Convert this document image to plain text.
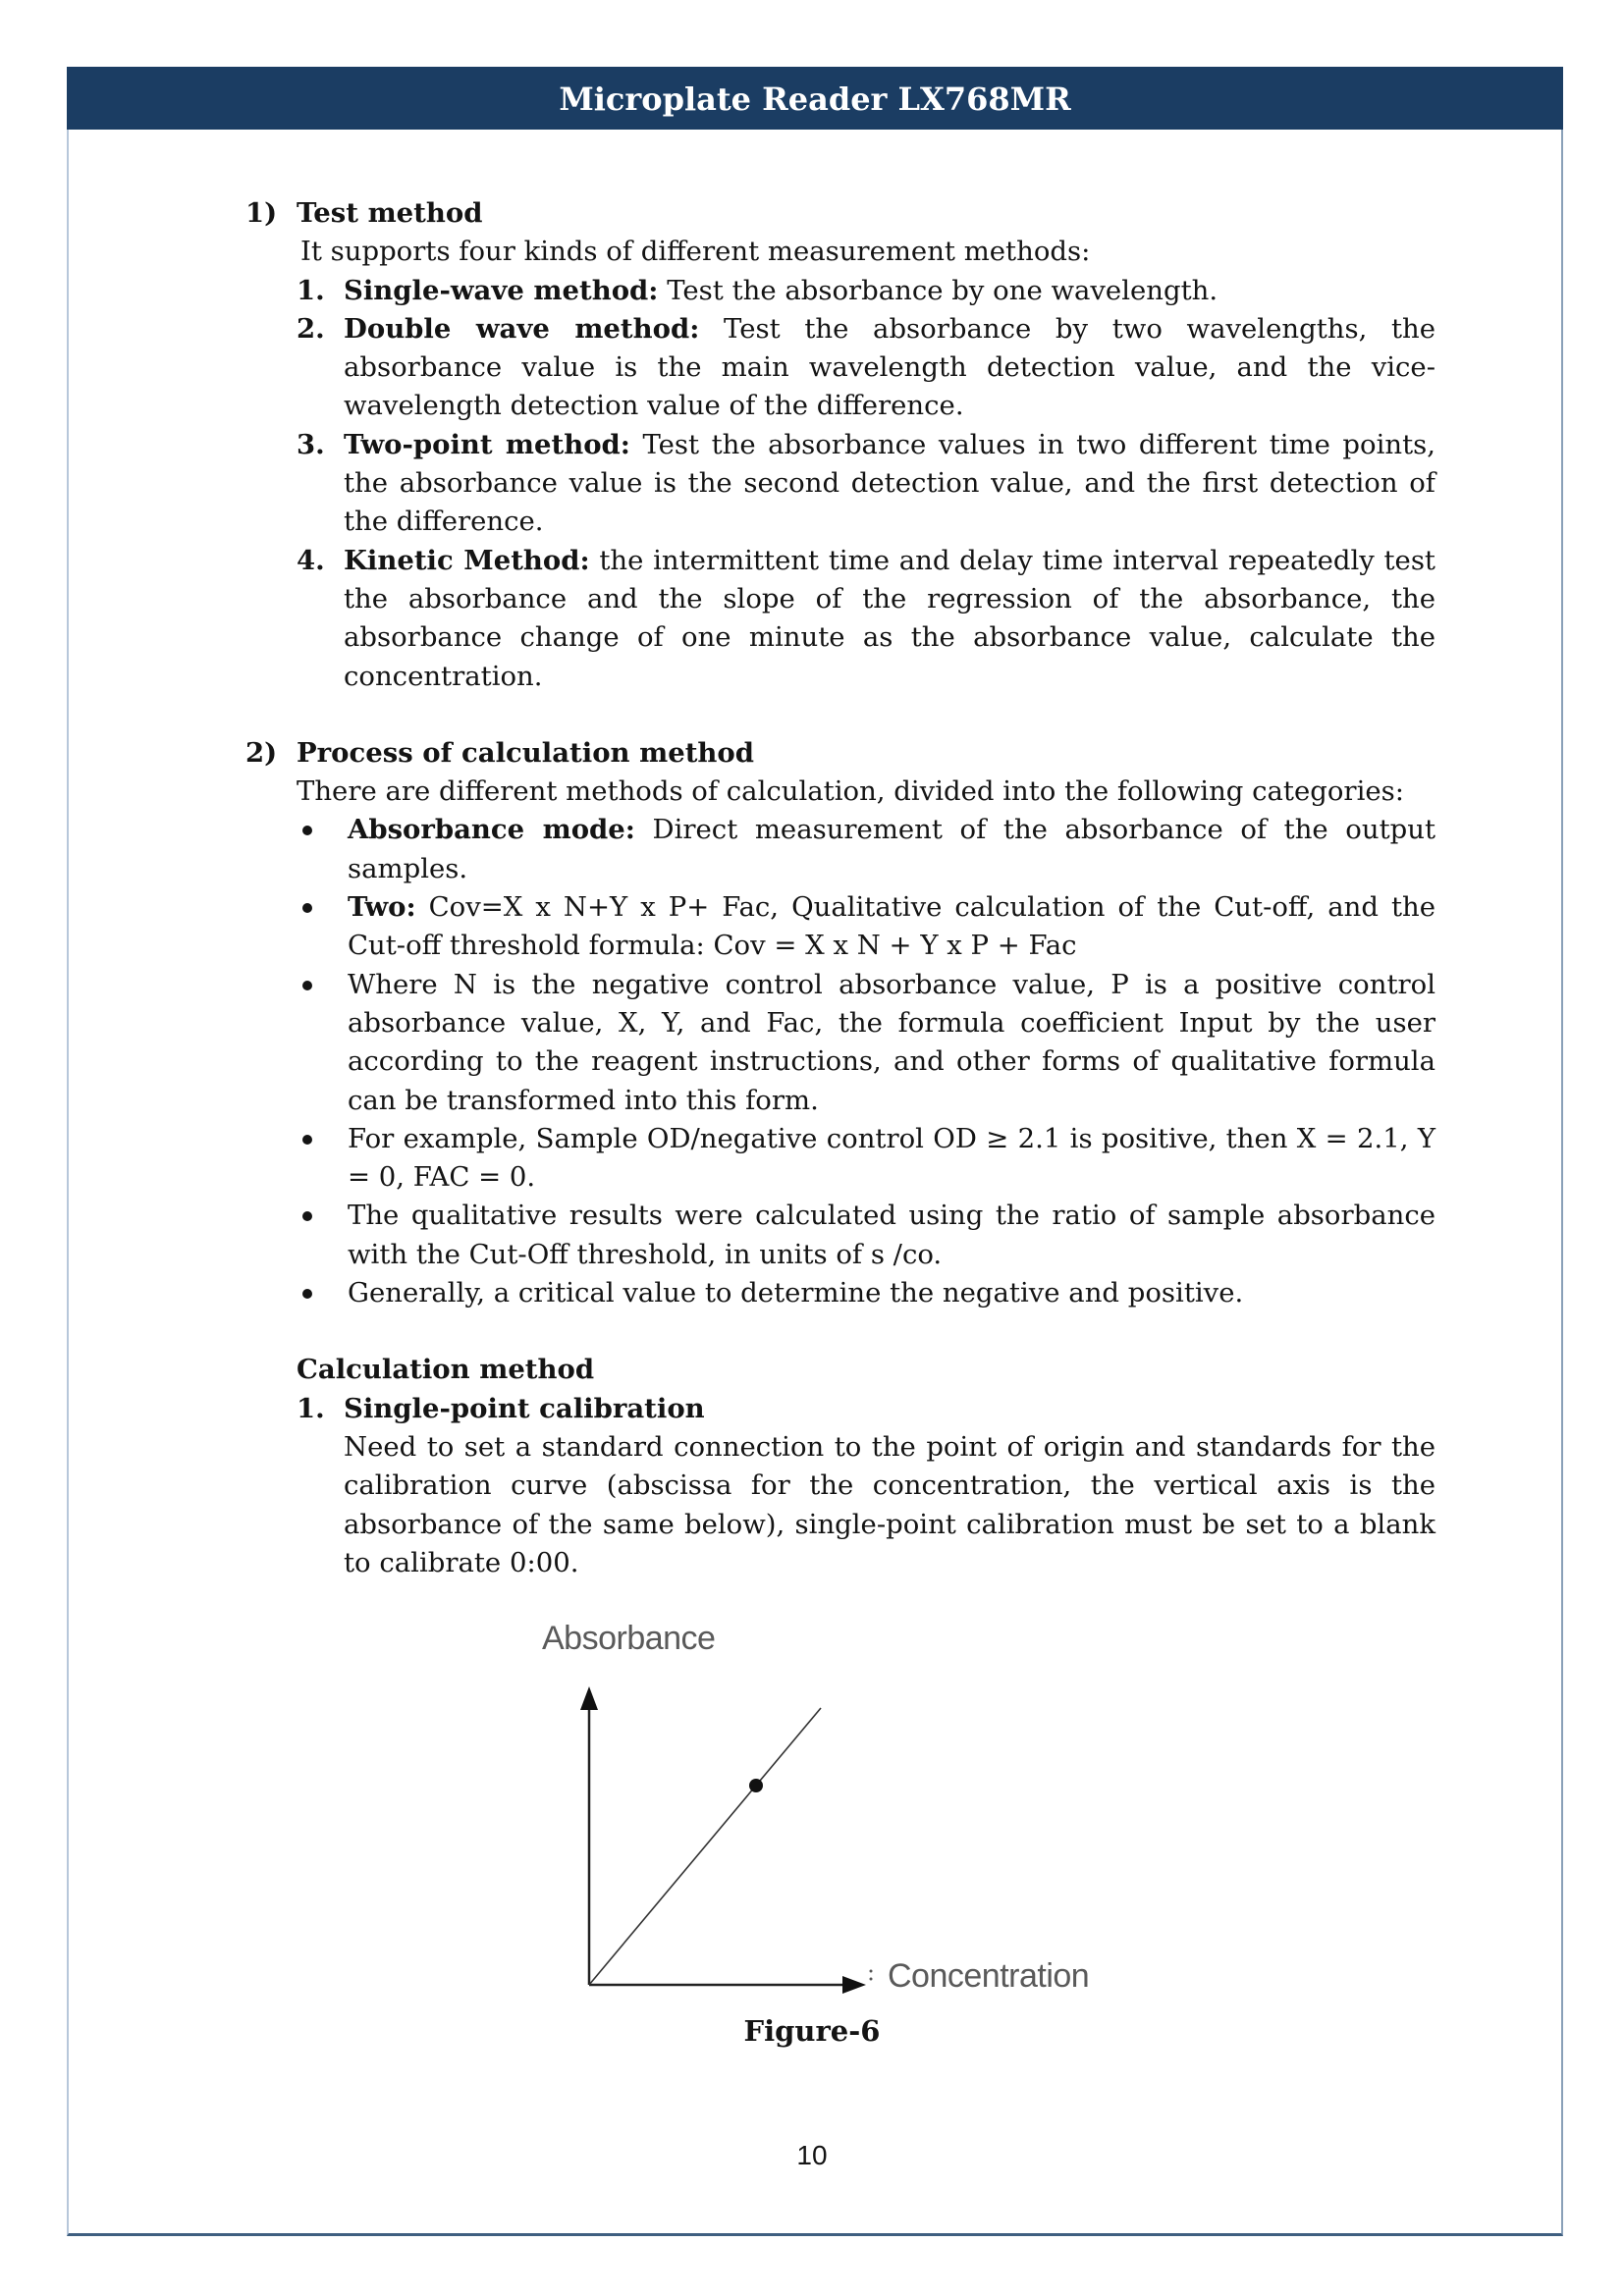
Microplate Reader LX768MR
1) Test method
It supports four kinds of different measurement methods:
1. Single-wave method: Test the absorbance by one wavelength.
2. Double wave method: Test the absorbance by two wavelengths, the absorbance value is the main wavelength detection value, and the vice-wavelength detection value of the difference.
3. Two-point method: Test the absorbance values in two different time points, the absorbance value is the second detection value, and the first detection of the difference.
4. Kinetic Method: the intermittent time and delay time interval repeatedly test the absorbance and the slope of the regression of the absorbance, the absorbance change of one minute as the absorbance value, calculate the concentration.
2) Process of calculation method
There are different methods of calculation, divided into the following categories:
Absorbance mode: Direct measurement of the absorbance of the output samples.
Two: Cov=X x N+Y x P+ Fac, Qualitative calculation of the Cut-off, and the Cut-off threshold formula: Cov = X x N + Y x P + Fac
Where N is the negative control absorbance value, P is a positive control absorbance value, X, Y, and Fac, the formula coefficient Input by the user according to the reagent instructions, and other forms of qualitative formula can be transformed into this form.
For example, Sample OD/negative control OD ≥ 2.1 is positive, then X = 2.1, Y = 0, FAC = 0.
The qualitative results were calculated using the ratio of sample absorbance with the Cut-Off threshold, in units of s /co.
Generally, a critical value to determine the negative and positive.
Calculation method
1. Single-point calibration
Need to set a standard connection to the point of origin and standards for the calibration curve (abscissa for the concentration, the vertical axis is the absorbance of the same below), single-point calibration must be set to a blank to calibrate 0:00.
Absorbance
Concentration
Figure-6
10
